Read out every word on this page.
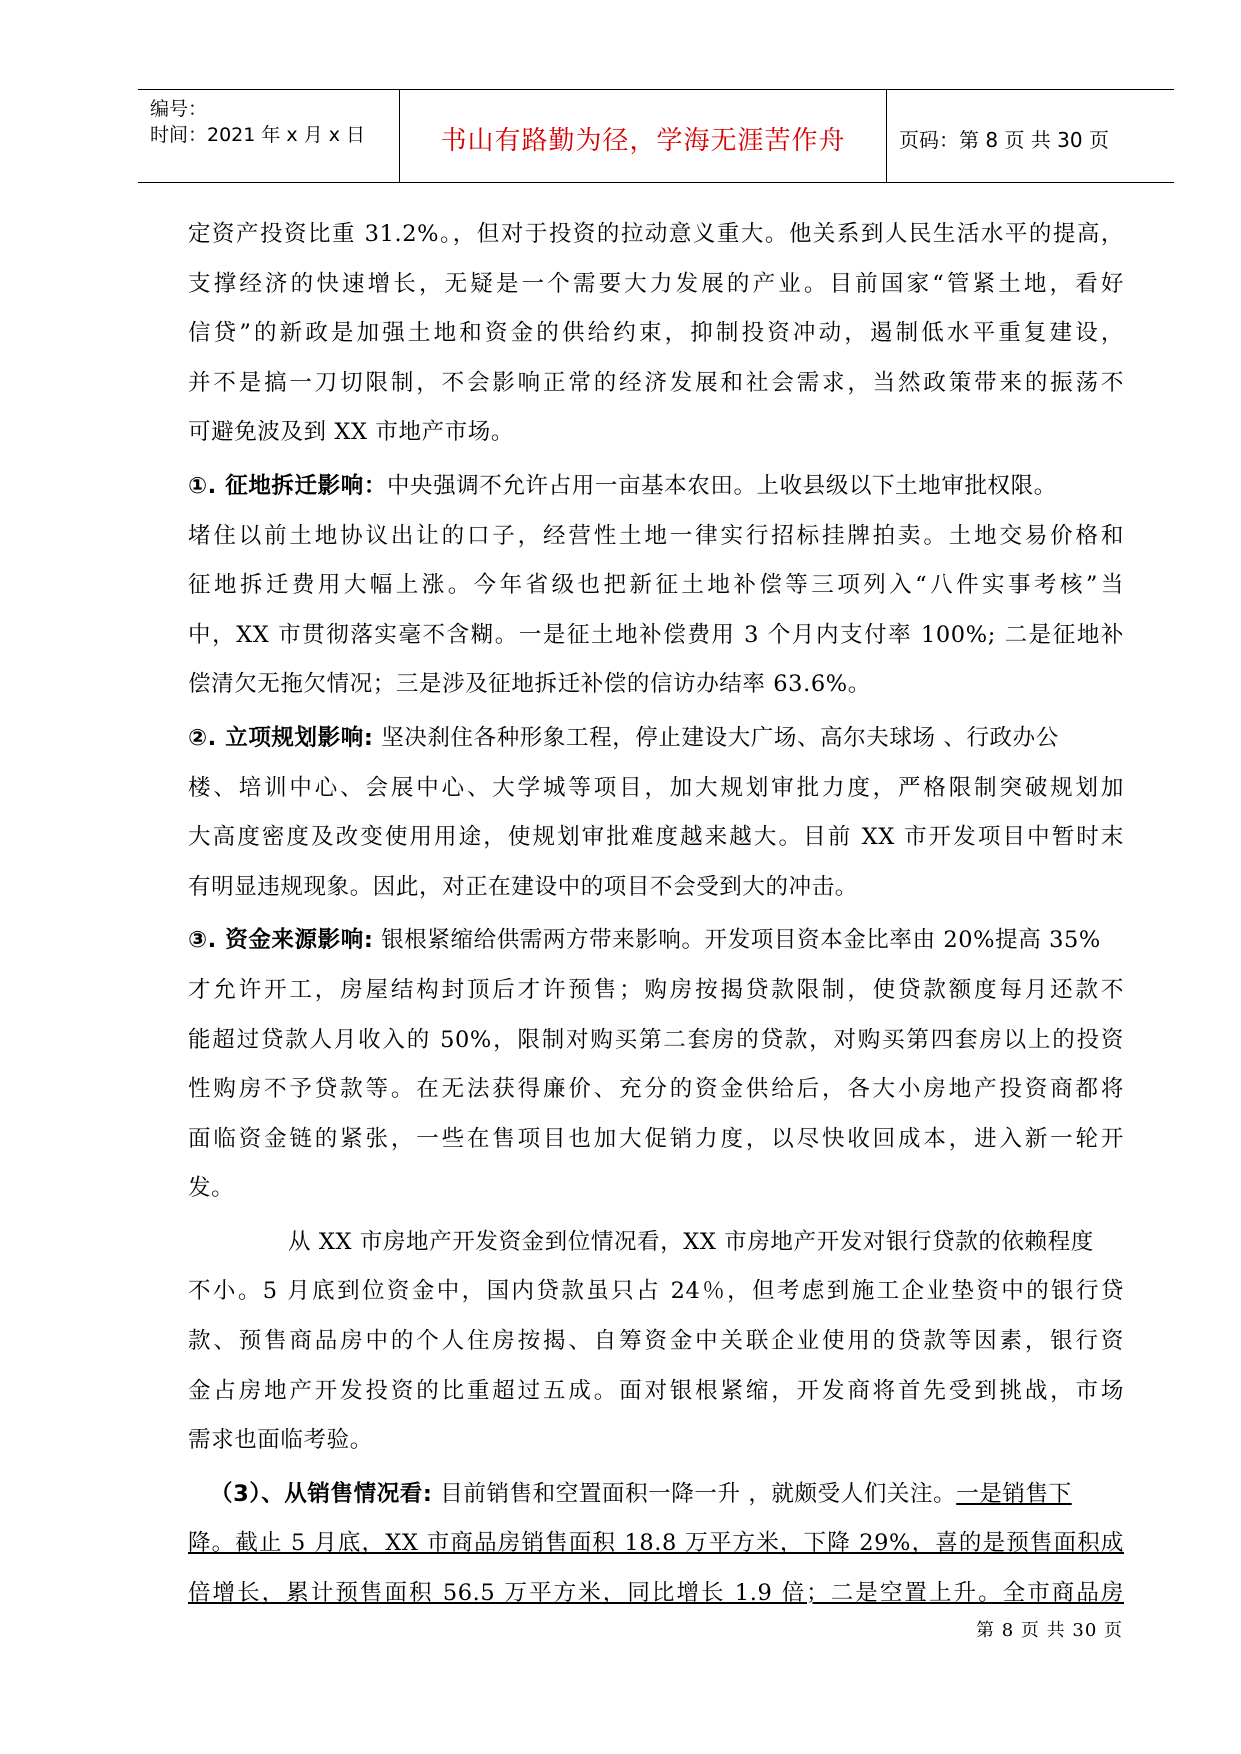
编号：
时间：2021 年 x 月 x 日	书山有路勤为径，学海无涯苦作舟	页码：第 8 页 共 30 页
定资产投资比重 31.2%。，但对于投资的拉动意义重大。他关系到人民生活水平的提高，
支撑经济的快速增长，无疑是一个需要大力发展的产业。目前国家“管紧土地，看好
信贷”的新政是加强土地和资金的供给约束，抑制投资冲动，遏制低水平重复建设，
并不是搞一刀切限制，不会影响正常的经济发展和社会需求，当然政策带来的振荡不
可避免波及到 XX 市地产市场。
①. 征地拆迁影响：中央强调不允许占用一亩基本农田。上收县级以下土地审批权限。
堵住以前土地协议出让的口子，经营性土地一律实行招标挂牌拍卖。土地交易价格和
征地拆迁费用大幅上涨。今年省级也把新征土地补偿等三项列入“八件实事考核”当
中，XX 市贯彻落实毫不含糊。一是征土地补偿费用 3 个月内支付率 100%; 二是征地补
偿清欠无拖欠情况；三是涉及征地拆迁补偿的信访办结率 63.6%。
②. 立项规划影响: 坚决刹住各种形象工程，停止建设大广场、高尔夫球场 、行政办公
楼、培训中心、会展中心、大学城等项目，加大规划审批力度，严格限制突破规划加
大高度密度及改变使用用途，使规划审批难度越来越大。目前 XX 市开发项目中暂时末
有明显违规现象。因此，对正在建设中的项目不会受到大的冲击。
③. 资金来源影响: 银根紧缩给供需两方带来影响。开发项目资本金比率由 20%提高 35%
才允许开工，房屋结构封顶后才许预售；购房按揭贷款限制，使贷款额度每月还款不
能超过贷款人月收入的 50%，限制对购买第二套房的贷款，对购买第四套房以上的投资
性购房不予贷款等。在无法获得廉价、充分的资金供给后，各大小房地产投资商都将
面临资金链的紧张，一些在售项目也加大促销力度，以尽快收回成本，进入新一轮开
发。
从 XX 市房地产开发资金到位情况看，XX 市房地产开发对银行贷款的依赖程度
不小。5 月底到位资金中，国内贷款虽只占 24％，但考虑到施工企业垫资中的银行贷
款、预售商品房中的个人住房按揭、自筹资金中关联企业使用的贷款等因素，银行资
金占房地产开发投资的比重超过五成。面对银根紧缩，开发商将首先受到挑战，市场
需求也面临考验。
（3）、从销售情况看: 目前销售和空置面积一降一升 ，就颇受人们关注。一是销售下
降。截止 5 月底，XX 市商品房销售面积 18.8 万平方米，下降 29%，喜的是预售面积成
倍增长，累计预售面积 56.5 万平方米，同比增长 1.9 倍；二是空置上升。全市商品房
第 8 页 共 30 页
